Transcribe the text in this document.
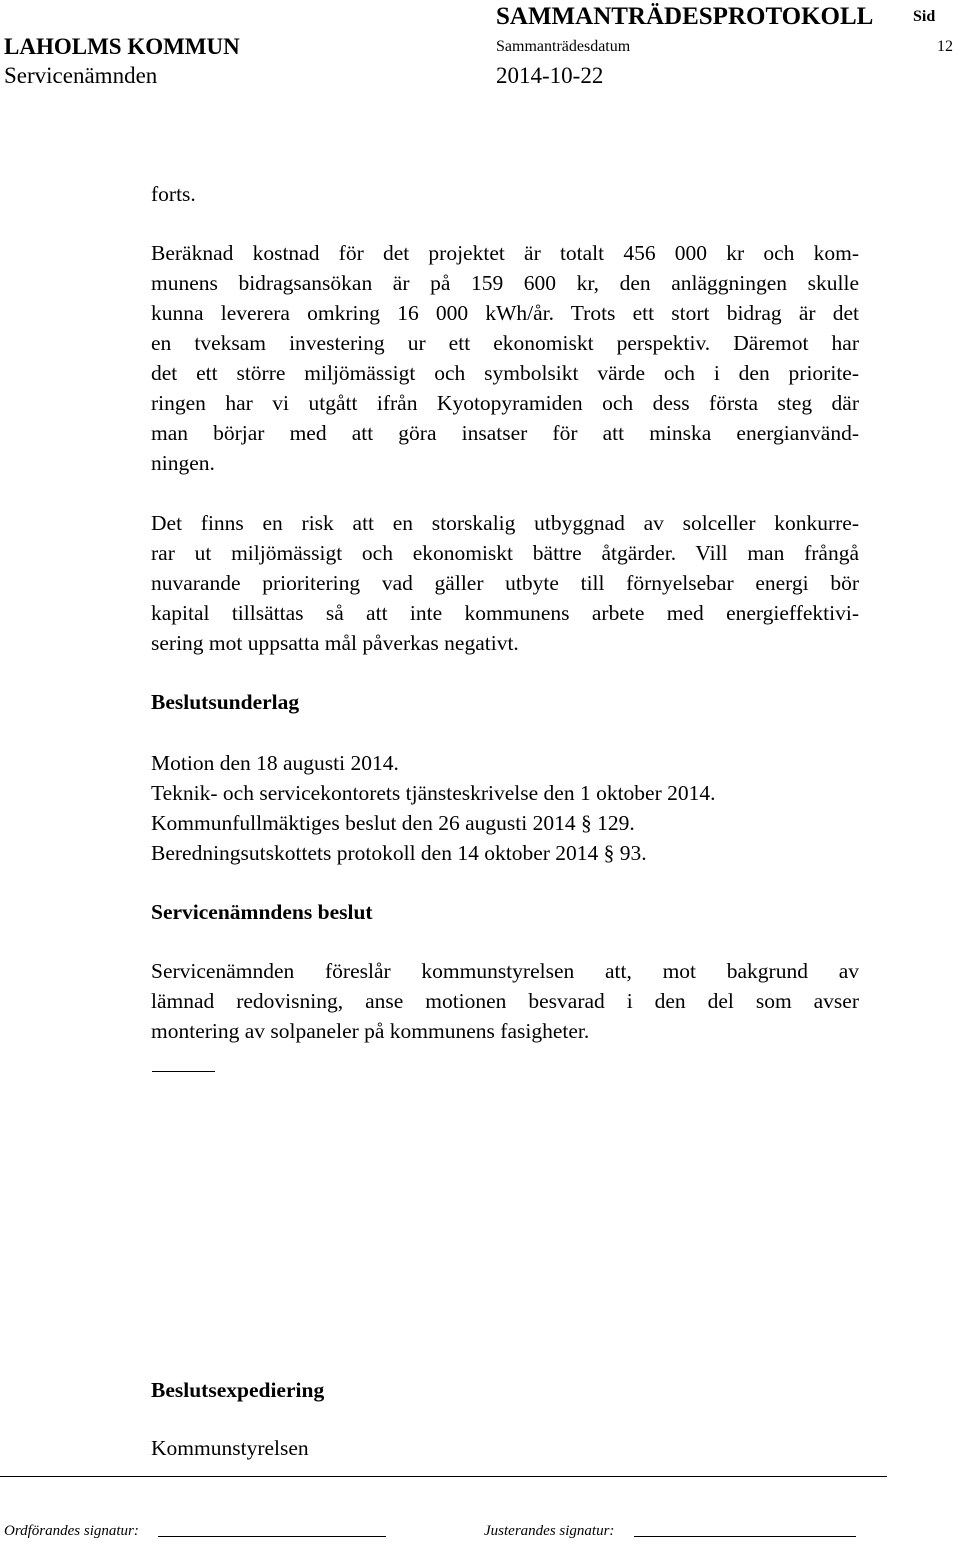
SAMMANTRÄDESPROTOKOLL Sid
LAHOLMS KOMMUN	Sammanträdesdatum	12
Servicenämnden	2014-10-22
forts.
Beräknad kostnad för det projektet är totalt 456 000 kr och kom-
munens bidragsansökan är på 159 600 kr, den anläggningen skulle
kunna leverera omkring 16 000 kWh/år. Trots ett stort bidrag är det
en tveksam investering ur ett ekonomiskt perspektiv. Däremot har
det ett större miljömässigt och symbolsikt värde och i den priorite-
ringen har vi utgått ifrån Kyotopyramiden och dess första steg där
man börjar med att göra insatser för att minska energianvänd-
ningen.
Det finns en risk att en storskalig utbyggnad av solceller konkurre-
rar ut miljömässigt och ekonomiskt bättre åtgärder. Vill man frångå
nuvarande prioritering vad gäller utbyte till förnyelsebar energi bör
kapital tillsättas så att inte kommunens arbete med energieffektivi-
sering mot uppsatta mål påverkas negativt.
Beslutsunderlag
Motion den 18 augusti 2014.
Teknik- och servicekontorets tjänsteskrivelse den 1 oktober 2014.
Kommunfullmäktiges beslut den 26 augusti 2014 § 129.
Beredningsutskottets protokoll den 14 oktober 2014 § 93.
Servicenämndens beslut
Servicenämnden föreslår kommunstyrelsen att, mot bakgrund av
lämnad redovisning, anse motionen besvarad i den del som avser
montering av solpaneler på kommunens fasigheter.
Beslutsexpediering
Kommunstyrelsen
Ordförandes signatur:	Justerandes signatur:
